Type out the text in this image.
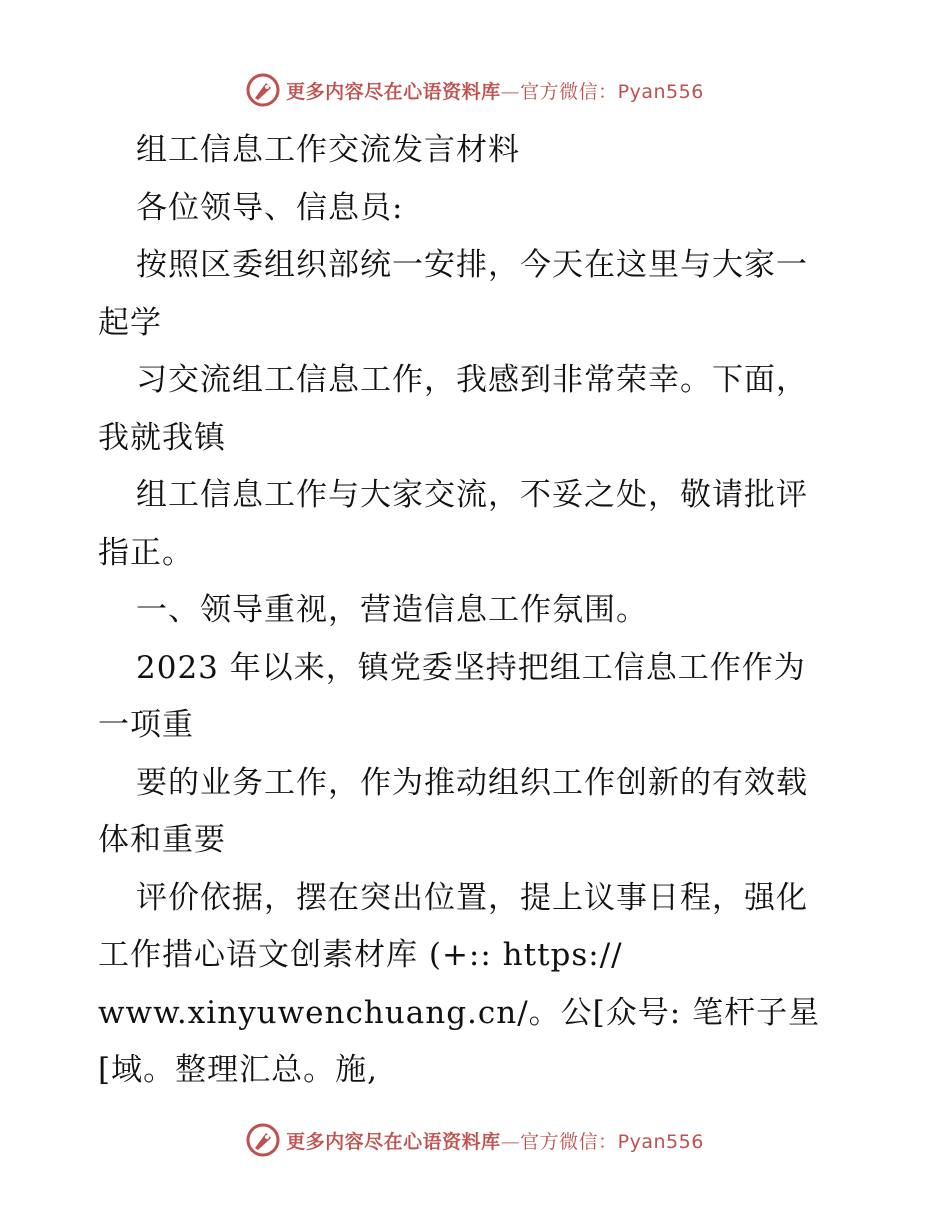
更多内容尽在心语资料库—官方微信：Pyan556
组工信息工作交流发言材料
各位领导、信息员:
按照区委组织部统一安排，今天在这里与大家一
起学
习交流组工信息工作，我感到非常荣幸。下面，
我就我镇
组工信息工作与大家交流，不妥之处，敬请批评
指正。
一、领导重视，营造信息工作氛围。
2023 年以来，镇党委坚持把组工信息工作作为
一项重
要的业务工作，作为推动组织工作创新的有效载
体和重要
评价依据，摆在突出位置，提上议事日程，强化
工作措心语文创素材库 (+:: https://
www.xinyuwenchuang.cn/。公[众号: 笔杆子星
[域。整理汇总。施,
更多内容尽在心语资料库—官方微信：Pyan556
